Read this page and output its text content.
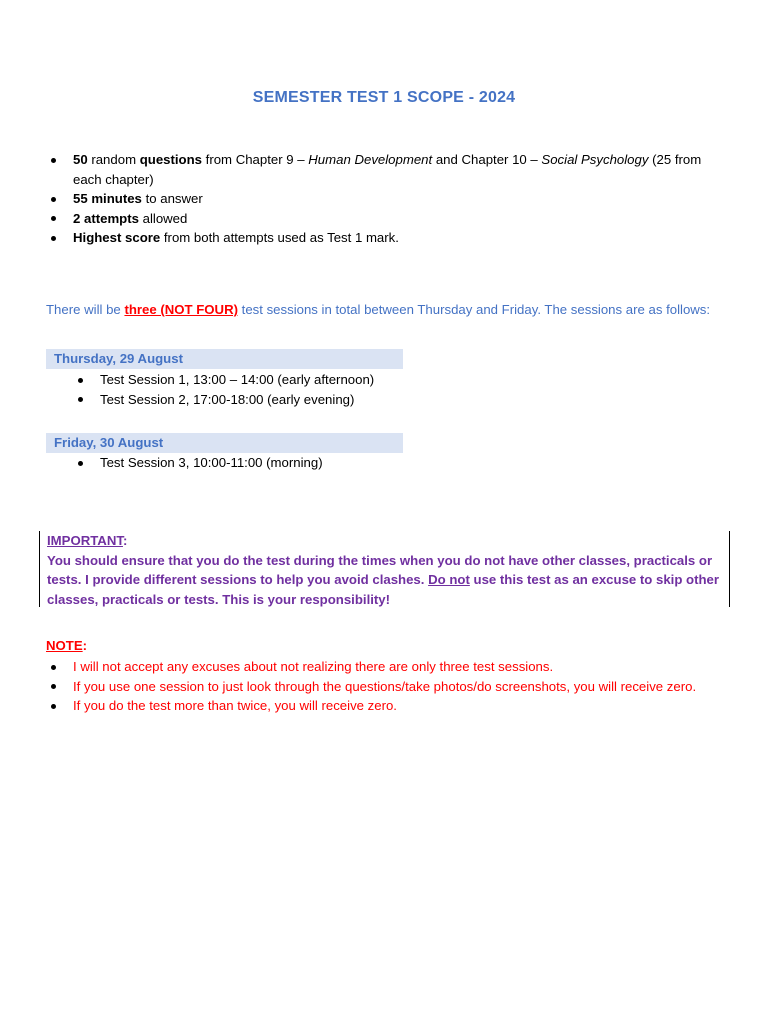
SEMESTER TEST 1 SCOPE - 2024
50 random questions from Chapter 9 – Human Development and Chapter 10 – Social Psychology (25 from each chapter)
55 minutes to answer
2 attempts allowed
Highest score from both attempts used as Test 1 mark.
There will be three (NOT FOUR) test sessions in total between Thursday and Friday. The sessions are as follows:
Thursday, 29 August
Test Session 1, 13:00 – 14:00 (early afternoon)
Test Session 2, 17:00-18:00 (early evening)
Friday, 30 August
Test Session 3, 10:00-11:00 (morning)
IMPORTANT:
You should ensure that you do the test during the times when you do not have other classes, practicals or tests. I provide different sessions to help you avoid clashes. Do not use this test as an excuse to skip other classes, practicals or tests. This is your responsibility!
NOTE:
I will not accept any excuses about not realizing there are only three test sessions.
If you use one session to just look through the questions/take photos/do screenshots, you will receive zero.
If you do the test more than twice, you will receive zero.
